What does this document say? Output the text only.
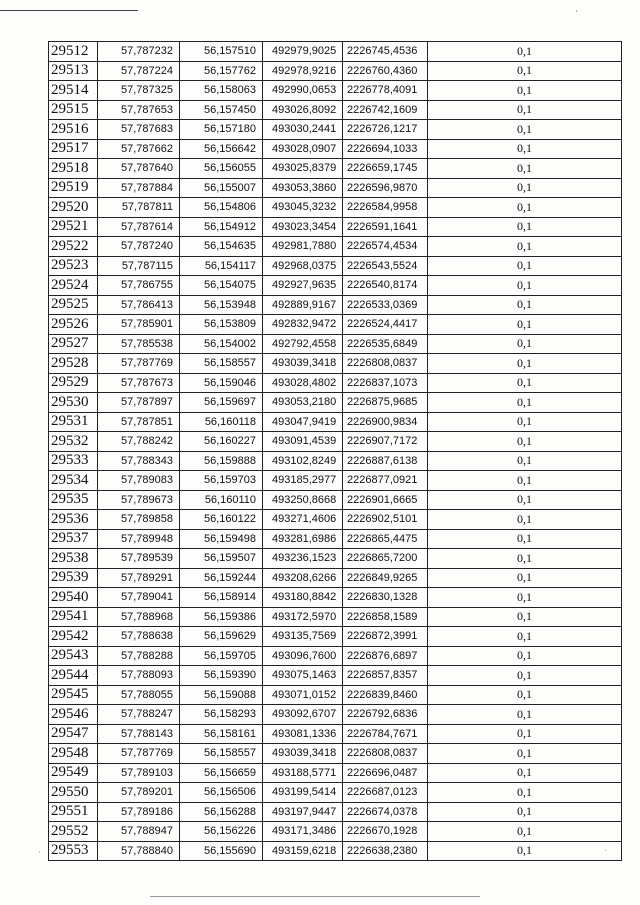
·
29512	57,787232	56,157510	492979,9025	2226745,4536	0,1
29513	57,787224	56,157762	492978,9216	2226760,4360	0,1
29514	57,787325	56,158063	492990,0653	2226778,4091	0,1
29515	57,787653	56,157450	493026,8092	2226742,1609	0,1
29516	57,787683	56,157180	493030,2441	2226726,1217	0,1
29517	57,787662	56,156642	493028,0907	2226694,1033	0,1
29518	57,787640	56,156055	493025,8379	2226659,1745	0,1
29519	57,787884	56,155007	493053,3860	2226596,9870	0,1
29520	57,787811	56,154806	493045,3232	2226584,9958	0,1
29521	57,787614	56,154912	493023,3454	2226591,1641	0,1
29522	57,787240	56,154635	492981,7880	2226574,4534	0,1
29523	57,787115	56,154117	492968,0375	2226543,5524	0,1
29524	57,786755	56,154075	492927,9635	2226540,8174	0,1
29525	57,786413	56,153948	492889,9167	2226533,0369	0,1
29526	57,785901	56,153809	492832,9472	2226524,4417	0,1
29527	57,785538	56,154002	492792,4558	2226535,6849	0,1
29528	57,787769	56,158557	493039,3418	2226808,0837	0,1
29529	57,787673	56,159046	493028,4802	2226837,1073	0,1
29530	57,787897	56,159697	493053,2180	2226875,9685	0,1
29531	57,787851	56,160118	493047,9419	2226900,9834	0,1
29532	57,788242	56,160227	493091,4539	2226907,7172	0,1
29533	57,788343	56,159888	493102,8249	2226887,6138	0,1
29534	57,789083	56,159703	493185,2977	2226877,0921	0,1
29535	57,789673	56,160110	493250,8668	2226901,6665	0,1
29536	57,789858	56,160122	493271,4606	2226902,5101	0,1
29537	57,789948	56,159498	493281,6986	2226865,4475	0,1
29538	57,789539	56,159507	493236,1523	2226865,7200	0,1
29539	57,789291	56,159244	493208,6266	2226849,9265	0,1
29540	57,789041	56,158914	493180,8842	2226830,1328	0,1
29541	57,788968	56,159386	493172,5970	2226858,1589	0,1
29542	57,788638	56,159629	493135,7569	2226872,3991	0,1
29543	57,788288	56,159705	493096,7600	2226876,6897	0,1
29544	57,788093	56,159390	493075,1463	2226857,8357	0,1
29545	57,788055	56,159088	493071,0152	2226839,8460	0,1
29546	57,788247	56,158293	493092,6707	2226792,6836	0,1
29547	57,788143	56,158161	493081,1336	2226784,7671	0,1
29548	57,787769	56,158557	493039,3418	2226808,0837	0,1
29549	57,789103	56,156659	493188,5771	2226696,0487	0,1
29550	57,789201	56,156506	493199,5414	2226687,0123	0,1
29551	57,789186	56,156288	493197,9447	2226674,0378	0,1
29552	57,788947	56,156226	493171,3486	2226670,1928	0,1
29553	57,788840	56,155690	493159,6218	2226638,2380	0,1
·	·
